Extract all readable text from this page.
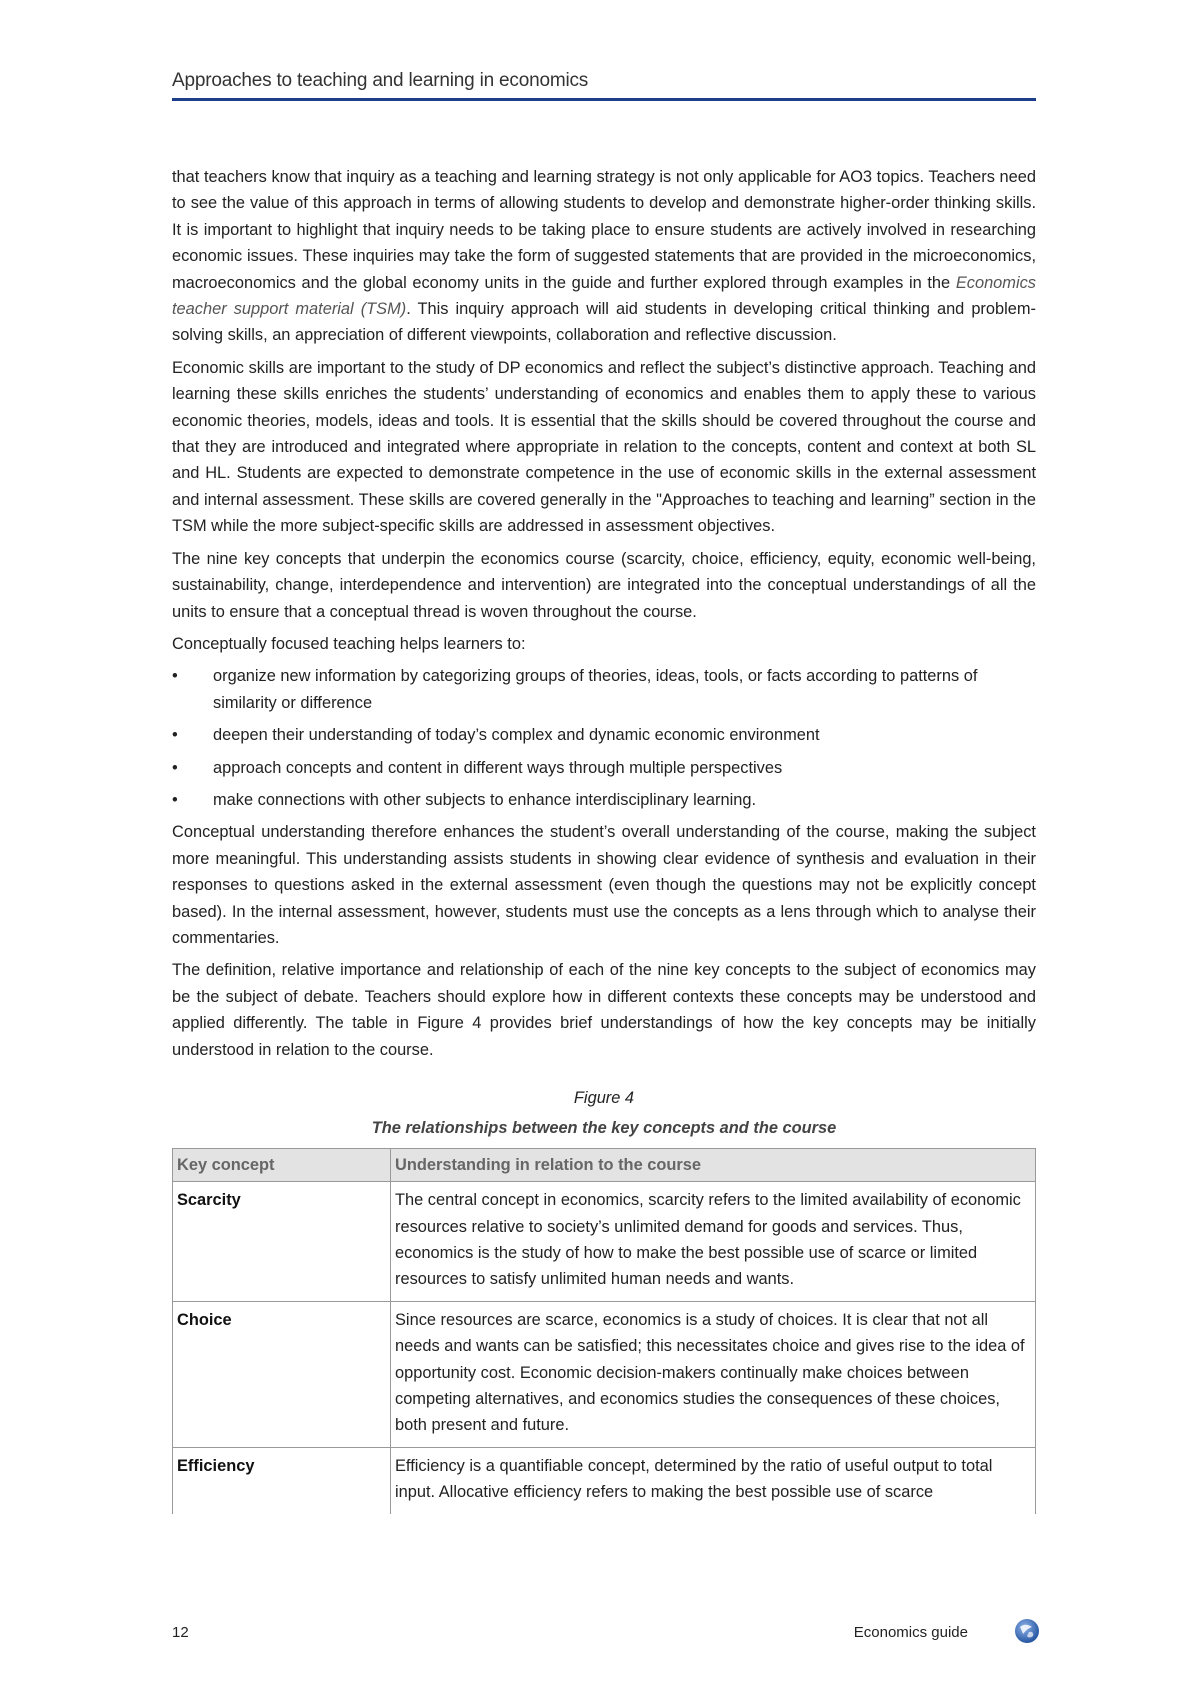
Approaches to teaching and learning in economics

that teachers know that inquiry as a teaching and learning strategy is not only applicable for AO3 topics. Teachers need to see the value of this approach in terms of allowing students to develop and demonstrate higher-order thinking skills. It is important to highlight that inquiry needs to be taking place to ensure students are actively involved in researching economic issues. These inquiries may take the form of suggested statements that are provided in the microeconomics, macroeconomics and the global economy units in the guide and further explored through examples in the Economics teacher support material (TSM). This inquiry approach will aid students in developing critical thinking and problem-solving skills, an appreciation of different viewpoints, collaboration and reflective discussion.

Economic skills are important to the study of DP economics and reflect the subject’s distinctive approach. Teaching and learning these skills enriches the students’ understanding of economics and enables them to apply these to various economic theories, models, ideas and tools. It is essential that the skills should be covered throughout the course and that they are introduced and integrated where appropriate in relation to the concepts, content and context at both SL and HL. Students are expected to demonstrate competence in the use of economic skills in the external assessment and internal assessment. These skills are covered generally in the "Approaches to teaching and learning” section in the TSM while the more subject-specific skills are addressed in assessment objectives.

The nine key concepts that underpin the economics course (scarcity, choice, efficiency, equity, economic well-being, sustainability, change, interdependence and intervention) are integrated into the conceptual understandings of all the units to ensure that a conceptual thread is woven throughout the course.

Conceptually focused teaching helps learners to:

• organize new information by categorizing groups of theories, ideas, tools, or facts according to patterns of similarity or difference
• deepen their understanding of today’s complex and dynamic economic environment
• approach concepts and content in different ways through multiple perspectives
• make connections with other subjects to enhance interdisciplinary learning.

Conceptual understanding therefore enhances the student’s overall understanding of the course, making the subject more meaningful. This understanding assists students in showing clear evidence of synthesis and evaluation in their responses to questions asked in the external assessment (even though the questions may not be explicitly concept based). In the internal assessment, however, students must use the concepts as a lens through which to analyse their commentaries.

The definition, relative importance and relationship of each of the nine key concepts to the subject of economics may be the subject of debate. Teachers should explore how in different contexts these concepts may be understood and applied differently. The table in Figure 4 provides brief understandings of how the key concepts may be initially understood in relation to the course.

Figure 4
The relationships between the key concepts and the course
Key concept	Understanding in relation to the course
Scarcity	The central concept in economics, scarcity refers to the limited availability of economic resources relative to society’s unlimited demand for goods and services. Thus, economics is the study of how to make the best possible use of scarce or limited resources to satisfy unlimited human needs and wants.
Choice	Since resources are scarce, economics is a study of choices. It is clear that not all needs and wants can be satisfied; this necessitates choice and gives rise to the idea of opportunity cost. Economic decision-makers continually make choices between competing alternatives, and economics studies the consequences of these choices, both present and future.
Efficiency	Efficiency is a quantifiable concept, determined by the ratio of useful output to total input. Allocative efficiency refers to making the best possible use of scarce
12	Economics guide
